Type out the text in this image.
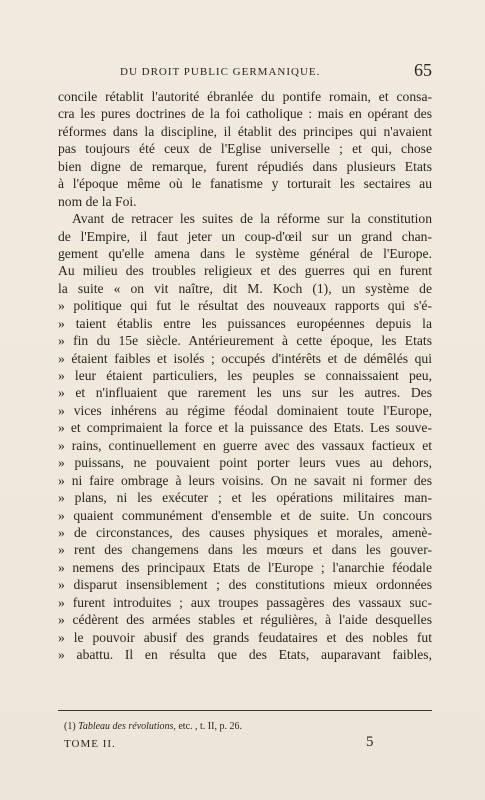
DU DROIT PUBLIC GERMANIQUE.	65
concile rétablit l'autorité ébranlée du pontife romain, et consa-
cra les pures doctrines de la foi catholique : mais en opérant des
réformes dans la discipline, il établit des principes qui n'avaient
pas toujours été ceux de l'Eglise universelle ; et qui, chose
bien digne de remarque, furent répudiés dans plusieurs Etats
à l'époque même où le fanatisme y torturait les sectaires au
nom de la Foi.
Avant de retracer les suites de la réforme sur la constitution
de l'Empire, il faut jeter un coup-d'œil sur un grand chan-
gement qu'elle amena dans le système général de l'Europe.
Au milieu des troubles religieux et des guerres qui en furent
la suite « on vit naître, dit M. Koch (1), un système de
» politique qui fut le résultat des nouveaux rapports qui s'é-
» taient établis entre les puissances européennes depuis la
» fin du 15e siècle. Antérieurement à cette époque, les Etats
» étaient faibles et isolés ; occupés d'intérêts et de démêlés qui
» leur étaient particuliers, les peuples se connaissaient peu,
» et n'influaient que rarement les uns sur les autres. Des
» vices inhérens au régime féodal dominaient toute l'Europe,
» et comprimaient la force et la puissance des Etats. Les souve-
» rains, continuellement en guerre avec des vassaux factieux et
» puissans, ne pouvaient point porter leurs vues au dehors,
» ni faire ombrage à leurs voisins. On ne savait ni former des
» plans, ni les exécuter ; et les opérations militaires man-
» quaient communément d'ensemble et de suite. Un concours
» de circonstances, des causes physiques et morales, amenè-
» rent des changemens dans les mœurs et dans les gouver-
» nemens des principaux Etats de l'Europe ; l'anarchie féodale
» disparut insensiblement ; des constitutions mieux ordonnées
» furent introduites ; aux troupes passagères des vassaux suc-
» cédèrent des armées stables et régulières, à l'aide desquelles
» le pouvoir abusif des grands feudataires et des nobles fut
» abattu. Il en résulta que des Etats, auparavant faibles,
(1) Tableau des révolutions, etc. , t. II, p. 26.
TOME II.	5
